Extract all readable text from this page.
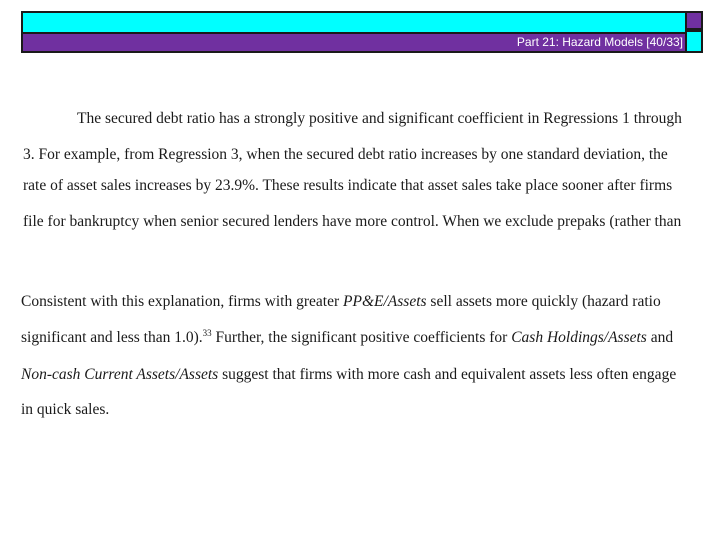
Part 21: Hazard Models [40/33]
The secured debt ratio has a strongly positive and significant coefficient in Regressions 1 through
3. For example, from Regression 3, when the secured debt ratio increases by one standard deviation, the
rate of asset sales increases by 23.9%. These results indicate that asset sales take place sooner after firms
file for bankruptcy when senior secured lenders have more control. When we exclude prepaks (rather than
Consistent with this explanation, firms with greater PP&E/Assets sell assets more quickly (hazard ratio
significant and less than 1.0).$^{33}$ Further, the significant positive coefficients for Cash Holdings/Assets and
Non-cash Current Assets/Assets suggest that firms with more cash and equivalent assets less often engage
in quick sales.
